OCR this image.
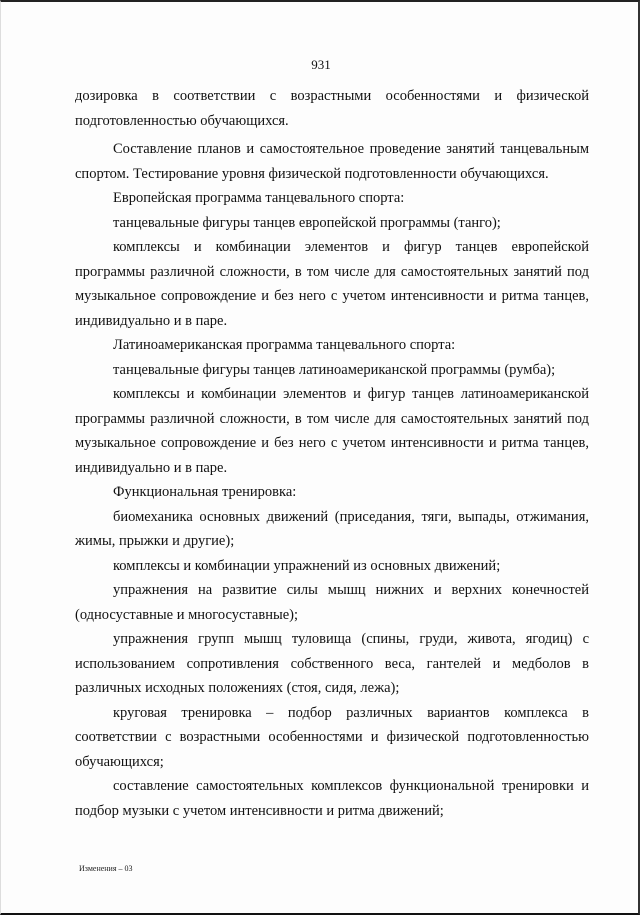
931

дозировка в соответствии с возрастными особенностями и физической подготовленностью обучающихся.

Составление планов и самостоятельное проведение занятий танцевальным спортом. Тестирование уровня физической подготовленности обучающихся.

Европейская программа танцевального спорта:

танцевальные фигуры танцев европейской программы (танго);

комплексы и комбинации элементов и фигур танцев европейской программы различной сложности, в том числе для самостоятельных занятий под музыкальное сопровождение и без него с учетом интенсивности и ритма танцев, индивидуально и в паре.

Латиноамериканская программа танцевального спорта:

танцевальные фигуры танцев латиноамериканской программы (румба);

комплексы и комбинации элементов и фигур танцев латиноамериканской программы различной сложности, в том числе для самостоятельных занятий под музыкальное сопровождение и без него с учетом интенсивности и ритма танцев, индивидуально и в паре.

Функциональная тренировка:

биомеханика основных движений (приседания, тяги, выпады, отжимания, жимы, прыжки и другие);

комплексы и комбинации упражнений из основных движений;

упражнения на развитие силы мышц нижних и верхних конечностей (односуставные и многосуставные);

упражнения групп мышц туловища (спины, груди, живота, ягодиц) с использованием сопротивления собственного веса, гантелей и медболов в различных исходных положениях (стоя, сидя, лежа);

круговая тренировка – подбор различных вариантов комплекса в соответствии с возрастными особенностями и физической подготовленностью обучающихся;

составление самостоятельных комплексов функциональной тренировки и подбор музыки с учетом интенсивности и ритма движений;

Изменения – 03
